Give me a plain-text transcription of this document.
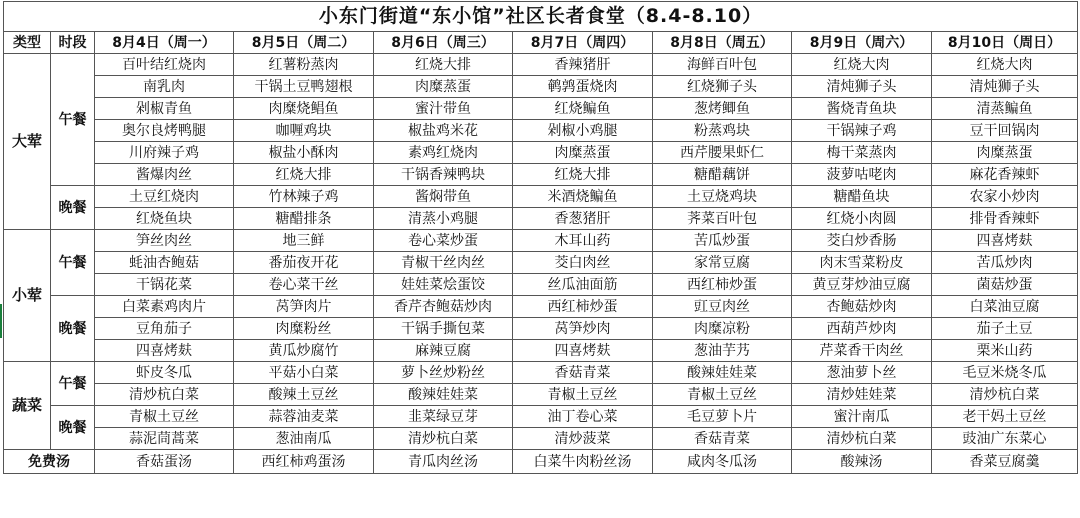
小东门街道“东小馆”社区长者食堂（8.4-8.10）								
类型	时段	8月4日（周一）	8月5日（周二）	8月6日（周三）	8月7日（周四）	8月8日（周五）	8月9日（周六）	8月10日（周日）
大荤	午餐	百叶结红烧肉	红薯粉蒸肉	红烧大排	香辣猪肝	海鲜百叶包	红烧大肉	红烧大肉
		南乳肉	干锅土豆鸭翅根	肉糜蒸蛋	鹌鹑蛋烧肉	红烧狮子头	清炖狮子头	清炖狮子头
		剁椒青鱼	肉糜烧鲳鱼	蜜汁带鱼	红烧鳊鱼	葱烤鲫鱼	酱烧青鱼块	清蒸鳊鱼
		奥尔良烤鸭腿	咖喱鸡块	椒盐鸡米花	剁椒小鸡腿	粉蒸鸡块	干锅辣子鸡	豆干回锅肉
		川府辣子鸡	椒盐小酥肉	素鸡红烧肉	肉糜蒸蛋	西芹腰果虾仁	梅干菜蒸肉	肉糜蒸蛋
		酱爆肉丝	红烧大排	干锅香辣鸭块	红烧大排	糖醋藕饼	菠萝咕咾肉	麻花香辣虾
	晚餐	土豆红烧肉	竹林辣子鸡	酱焖带鱼	米酒烧鳊鱼	土豆烧鸡块	糖醋鱼块	农家小炒肉
		红烧鱼块	糖醋排条	清蒸小鸡腿	香葱猪肝	荠菜百叶包	红烧小肉圆	排骨香辣虾
小荤	午餐	笋丝肉丝	地三鲜	卷心菜炒蛋	木耳山药	苦瓜炒蛋	茭白炒香肠	四喜烤麸
		蚝油杏鲍菇	番茄夜开花	青椒干丝肉丝	茭白肉丝	家常豆腐	肉末雪菜粉皮	苦瓜炒肉
		干锅花菜	卷心菜干丝	娃娃菜烩蛋饺	丝瓜油面筋	西红柿炒蛋	黄豆芽炒油豆腐	菌菇炒蛋
	晚餐	白菜素鸡肉片	莴笋肉片	香芹杏鲍菇炒肉	西红柿炒蛋	豇豆肉丝	杏鲍菇炒肉	白菜油豆腐
		豆角茄子	肉糜粉丝	干锅手撕包菜	莴笋炒肉	肉糜凉粉	西葫芦炒肉	茄子土豆
		四喜烤麸	黄瓜炒腐竹	麻辣豆腐	四喜烤麸	葱油芋艿	芹菜香干肉丝	栗米山药
蔬菜	午餐	虾皮冬瓜	平菇小白菜	萝卜丝炒粉丝	香菇青菜	酸辣娃娃菜	葱油萝卜丝	毛豆米烧冬瓜
		清炒杭白菜	酸辣土豆丝	酸辣娃娃菜	青椒土豆丝	青椒土豆丝	清炒娃娃菜	清炒杭白菜
	晚餐	青椒土豆丝	蒜蓉油麦菜	韭菜绿豆芽	油丁卷心菜	毛豆萝卜片	蜜汁南瓜	老干妈土豆丝
		蒜泥茼蒿菜	葱油南瓜	清炒杭白菜	清炒菠菜	香菇青菜	清炒杭白菜	豉油广东菜心
免费汤		香菇蛋汤	西红柿鸡蛋汤	青瓜肉丝汤	白菜牛肉粉丝汤	咸肉冬瓜汤	酸辣汤	香菜豆腐羹
